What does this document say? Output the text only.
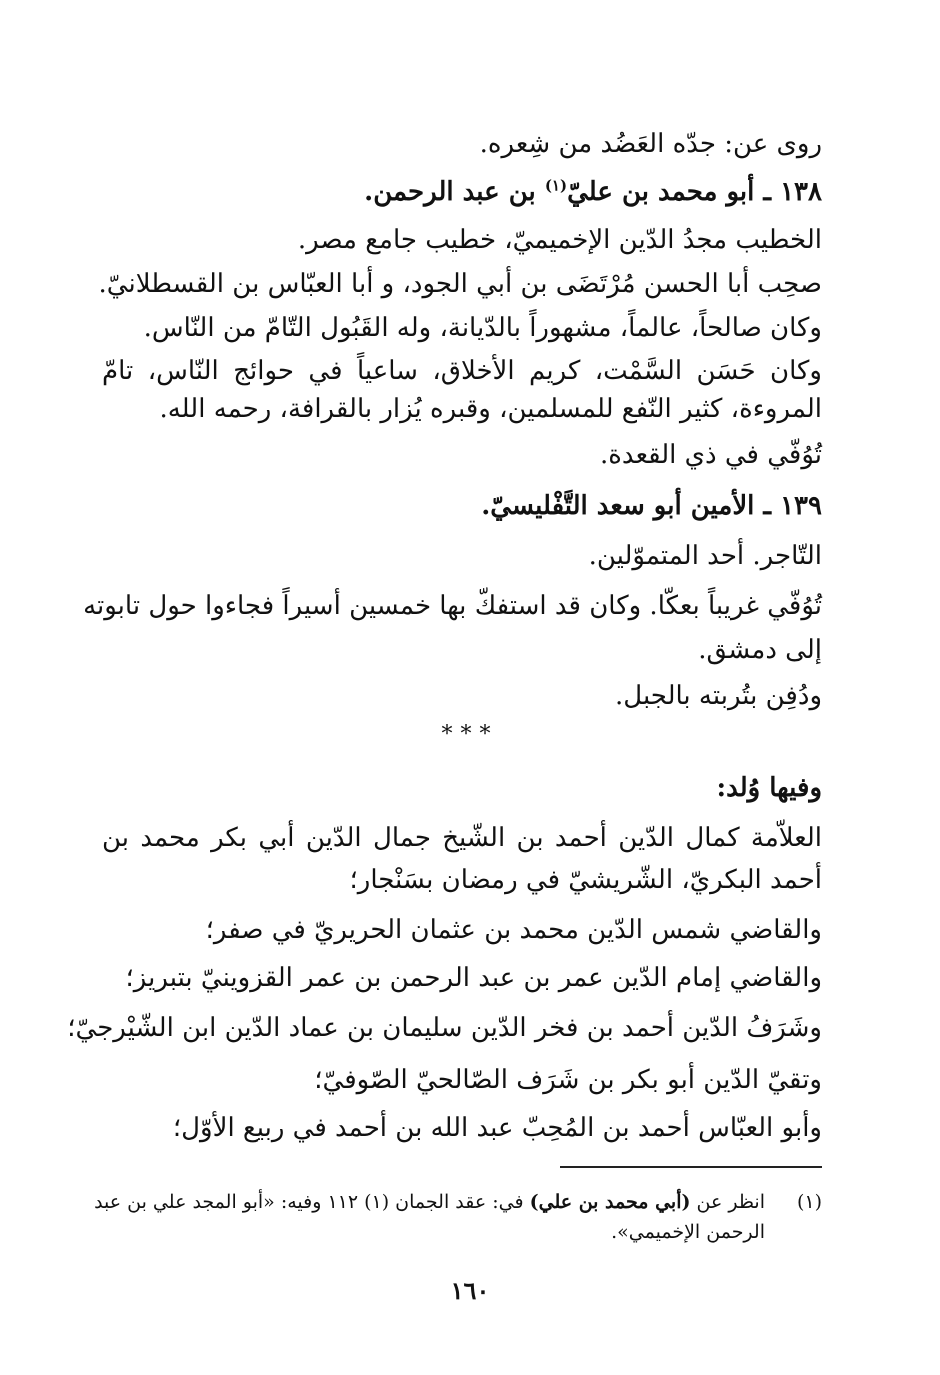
روى عن: جدّه العَضُد من شِعره.
١٣٨ ـ أبو محمد بن عليّ$^{(١)}$ بن عبد الرحمن.
الخطيب مجدُ الدّين الإخميميّ، خطيب جامع مصر.
صحِب أبا الحسن مُرْتَضَى بن أبي الجود، و أبا العبّاس بن القسطلانيّ.
وكان صالحاً، عالماً، مشهوراً بالدّيانة، وله القَبُول التّامّ من النّاس.
وكان حَسَن السَّمْت، كريم الأخلاق، ساعياً في حوائج النّاس، تامّ
المروءة، كثير النّفع للمسلمين، وقبره يُزار بالقرافة، رحمه الله.
تُوُفّي في ذي القعدة.
١٣٩ ـ الأمين أبو سعد التَّفْليسيّ.
التّاجر. أحد المتموّلين.
تُوُفّي غريباً بعكّا. وكان قد استفكّ بها خمسين أسيراً فجاءوا حول تابوته
إلى دمشق.
ودُفِن بتُربته بالجبل.
***
وفيها وُلد:
العلاّمة كمال الدّين أحمد بن الشّيخ جمال الدّين أبي بكر محمد بن
أحمد البكريّ، الشّريشيّ في رمضان بسَنْجار؛
والقاضي شمس الدّين محمد بن عثمان الحريريّ في صفر؛
والقاضي إمام الدّين عمر بن عبد الرحمن بن عمر القزوينيّ بتبريز؛
وشَرَفُ الدّين أحمد بن فخر الدّين سليمان بن عماد الدّين ابن الشّيْرجيّ؛
وتقيّ الدّين أبو بكر بن شَرَف الصّالحيّ الصّوفيّ؛
وأبو العبّاس أحمد بن المُحِبّ عبد الله بن أحمد في ربيع الأوّل؛
(١)
انظر عن (أبي محمد بن علي) في: عقد الجمان (١) ١١٢ وفيه: «أبو المجد علي بن عبد
الرحمن الإخميمي».
١٦٠
